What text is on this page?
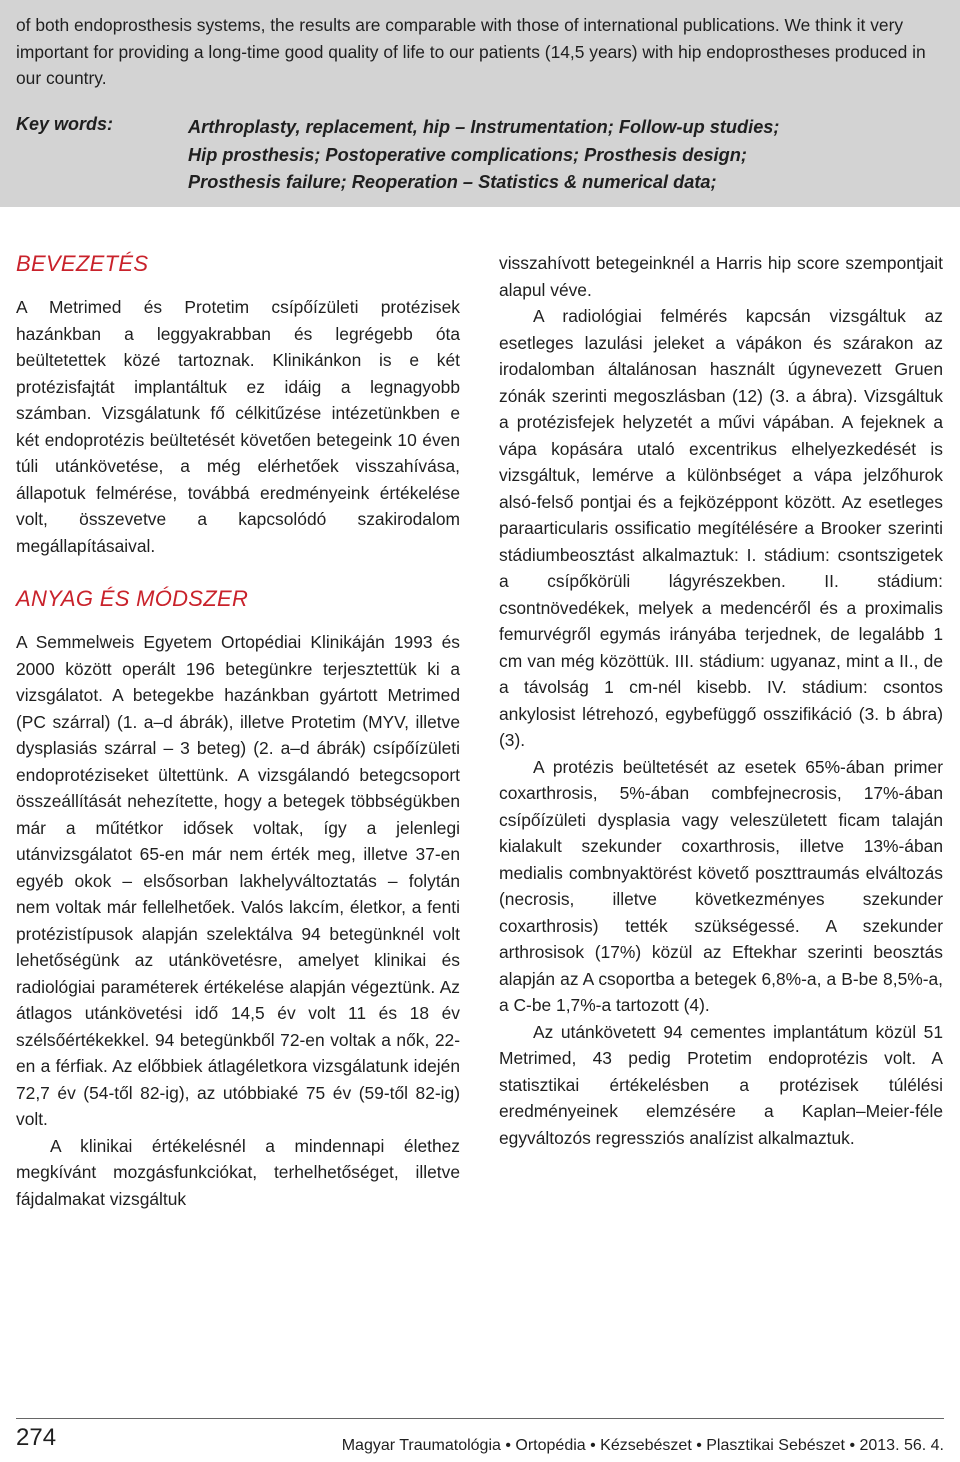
of both endoprosthesis systems, the results are comparable with those of international publications. We think it very important for providing a long-time good quality of life to our patients (14,5 years) with hip endoprostheses produced in our country.

Key words:	Arthroplasty, replacement, hip – Instrumentation; Follow-up studies;
Hip prosthesis; Postoperative complications; Prosthesis design;
Prosthesis failure; Reoperation – Statistics & numerical data;
BEVEZETÉS

A Metrimed és Protetim csípőízületi protézisek hazánkban a leggyakrabban és legrégebb óta beültetettek közé tartoznak. Klinikánkon is e két protézisfajtát implantáltuk ez idáig a legnagyobb számban. Vizsgálatunk fő célkitűzése intézetünkben e két endoprotézis beültetését követően betegeink 10 éven túli utánkövetése, a még elérhetőek visszahívása, állapotuk felmérése, továbbá eredményeink értékelése volt, összevetve a kapcsolódó szakirodalom megállapításaival.

ANYAG ÉS MÓDSZER

A Semmelweis Egyetem Ortopédiai Klinikáján 1993 és 2000 között operált 196 betegünkre terjesztettük ki a vizsgálatot. A betegekbe hazánkban gyártott Metrimed (PC szárral) (1. a–d ábrák), illetve Protetim (MYV, illetve dysplasiás szárral – 3 beteg) (2. a–d ábrák) csípőízületi endoprotéziseket ültettünk. A vizsgálandó betegcsoport összeállítását nehezítette, hogy a betegek többségükben már a műtétkor idősek voltak, így a jelenlegi utánvizsgálatot 65-en már nem érték meg, illetve 37-en egyéb okok – elsősorban lakhelyváltoztatás – folytán nem voltak már fellelhetőek. Valós lakcím, életkor, a fenti protézistípusok alapján szelektálva 94 betegünknél volt lehetőségünk az utánkövetésre, amelyet klinikai és radiológiai paraméterek értékelése alapján végeztünk. Az átlagos utánkövetési idő 14,5 év volt 11 és 18 év szélsőértékekkel. 94 betegünkből 72-en voltak a nők, 22-en a férfiak. Az előbbiek átlagéletkora vizsgálatunk idején 72,7 év (54-től 82-ig), az utóbbiaké 75 év (59-től 82-ig) volt.

A klinikai értékelésnél a mindennapi élethez megkívánt mozgásfunkciókat, terhelhetőséget, illetve fájdalmakat vizsgáltuk

visszahívott betegeinknél a Harris hip score szempontjait alapul véve.

A radiológiai felmérés kapcsán vizsgáltuk az esetleges lazulási jeleket a vápákon és szárakon az irodalomban általánosan használt úgynevezett Gruen zónák szerinti megoszlásban (12) (3. a ábra). Vizsgáltuk a protézisfejek helyzetét a művi vápában. A fejeknek a vápa kopására utaló excentrikus elhelyezkedését is vizsgáltuk, lemérve a különbséget a vápa jelzőhurok alsó-felső pontjai és a fejközéppont között. Az esetleges paraarticularis ossificatio megítélésére a Brooker szerinti stádiumbeosztást alkalmaztuk: I. stádium: csontszigetek a csípőkörüli lágyrészekben. II. stádium: csontnövedékek, melyek a medencéről és a proximalis femurvégről egymás irányába terjednek, de legalább 1 cm van még közöttük. III. stádium: ugyanaz, mint a II., de a távolság 1 cm-nél kisebb. IV. stádium: csontos ankylosist létrehozó, egybefüggő osszifikáció (3. b ábra) (3).

A protézis beültetését az esetek 65%-ában primer coxarthrosis, 5%-ában combfejnecrosis, 17%-ában csípőízületi dysplasia vagy veleszületett ficam talaján kialakult szekunder coxarthrosis, illetve 13%-ában medialis combnyaktörést követő poszttraumás elváltozás (necrosis, illetve következményes szekunder coxarthrosis) tették szükségessé. A szekunder arthrosisok (17%) közül az Eftekhar szerinti beosztás alapján az A csoportba a betegek 6,8%-a, a B-be 8,5%-a, a C-be 1,7%-a tartozott (4).

Az utánkövetett 94 cementes implantátum közül 51 Metrimed, 43 pedig Protetim endoprotézis volt. A statisztikai értékelésben a protézisek túlélési eredményeinek elemzésére a Kaplan–Meier-féle egyváltozós regressziós analízist alkalmaztuk.

274	Magyar Traumatológia • Ortopédia • Kézsebészet • Plasztikai Sebészet • 2013. 56. 4.
